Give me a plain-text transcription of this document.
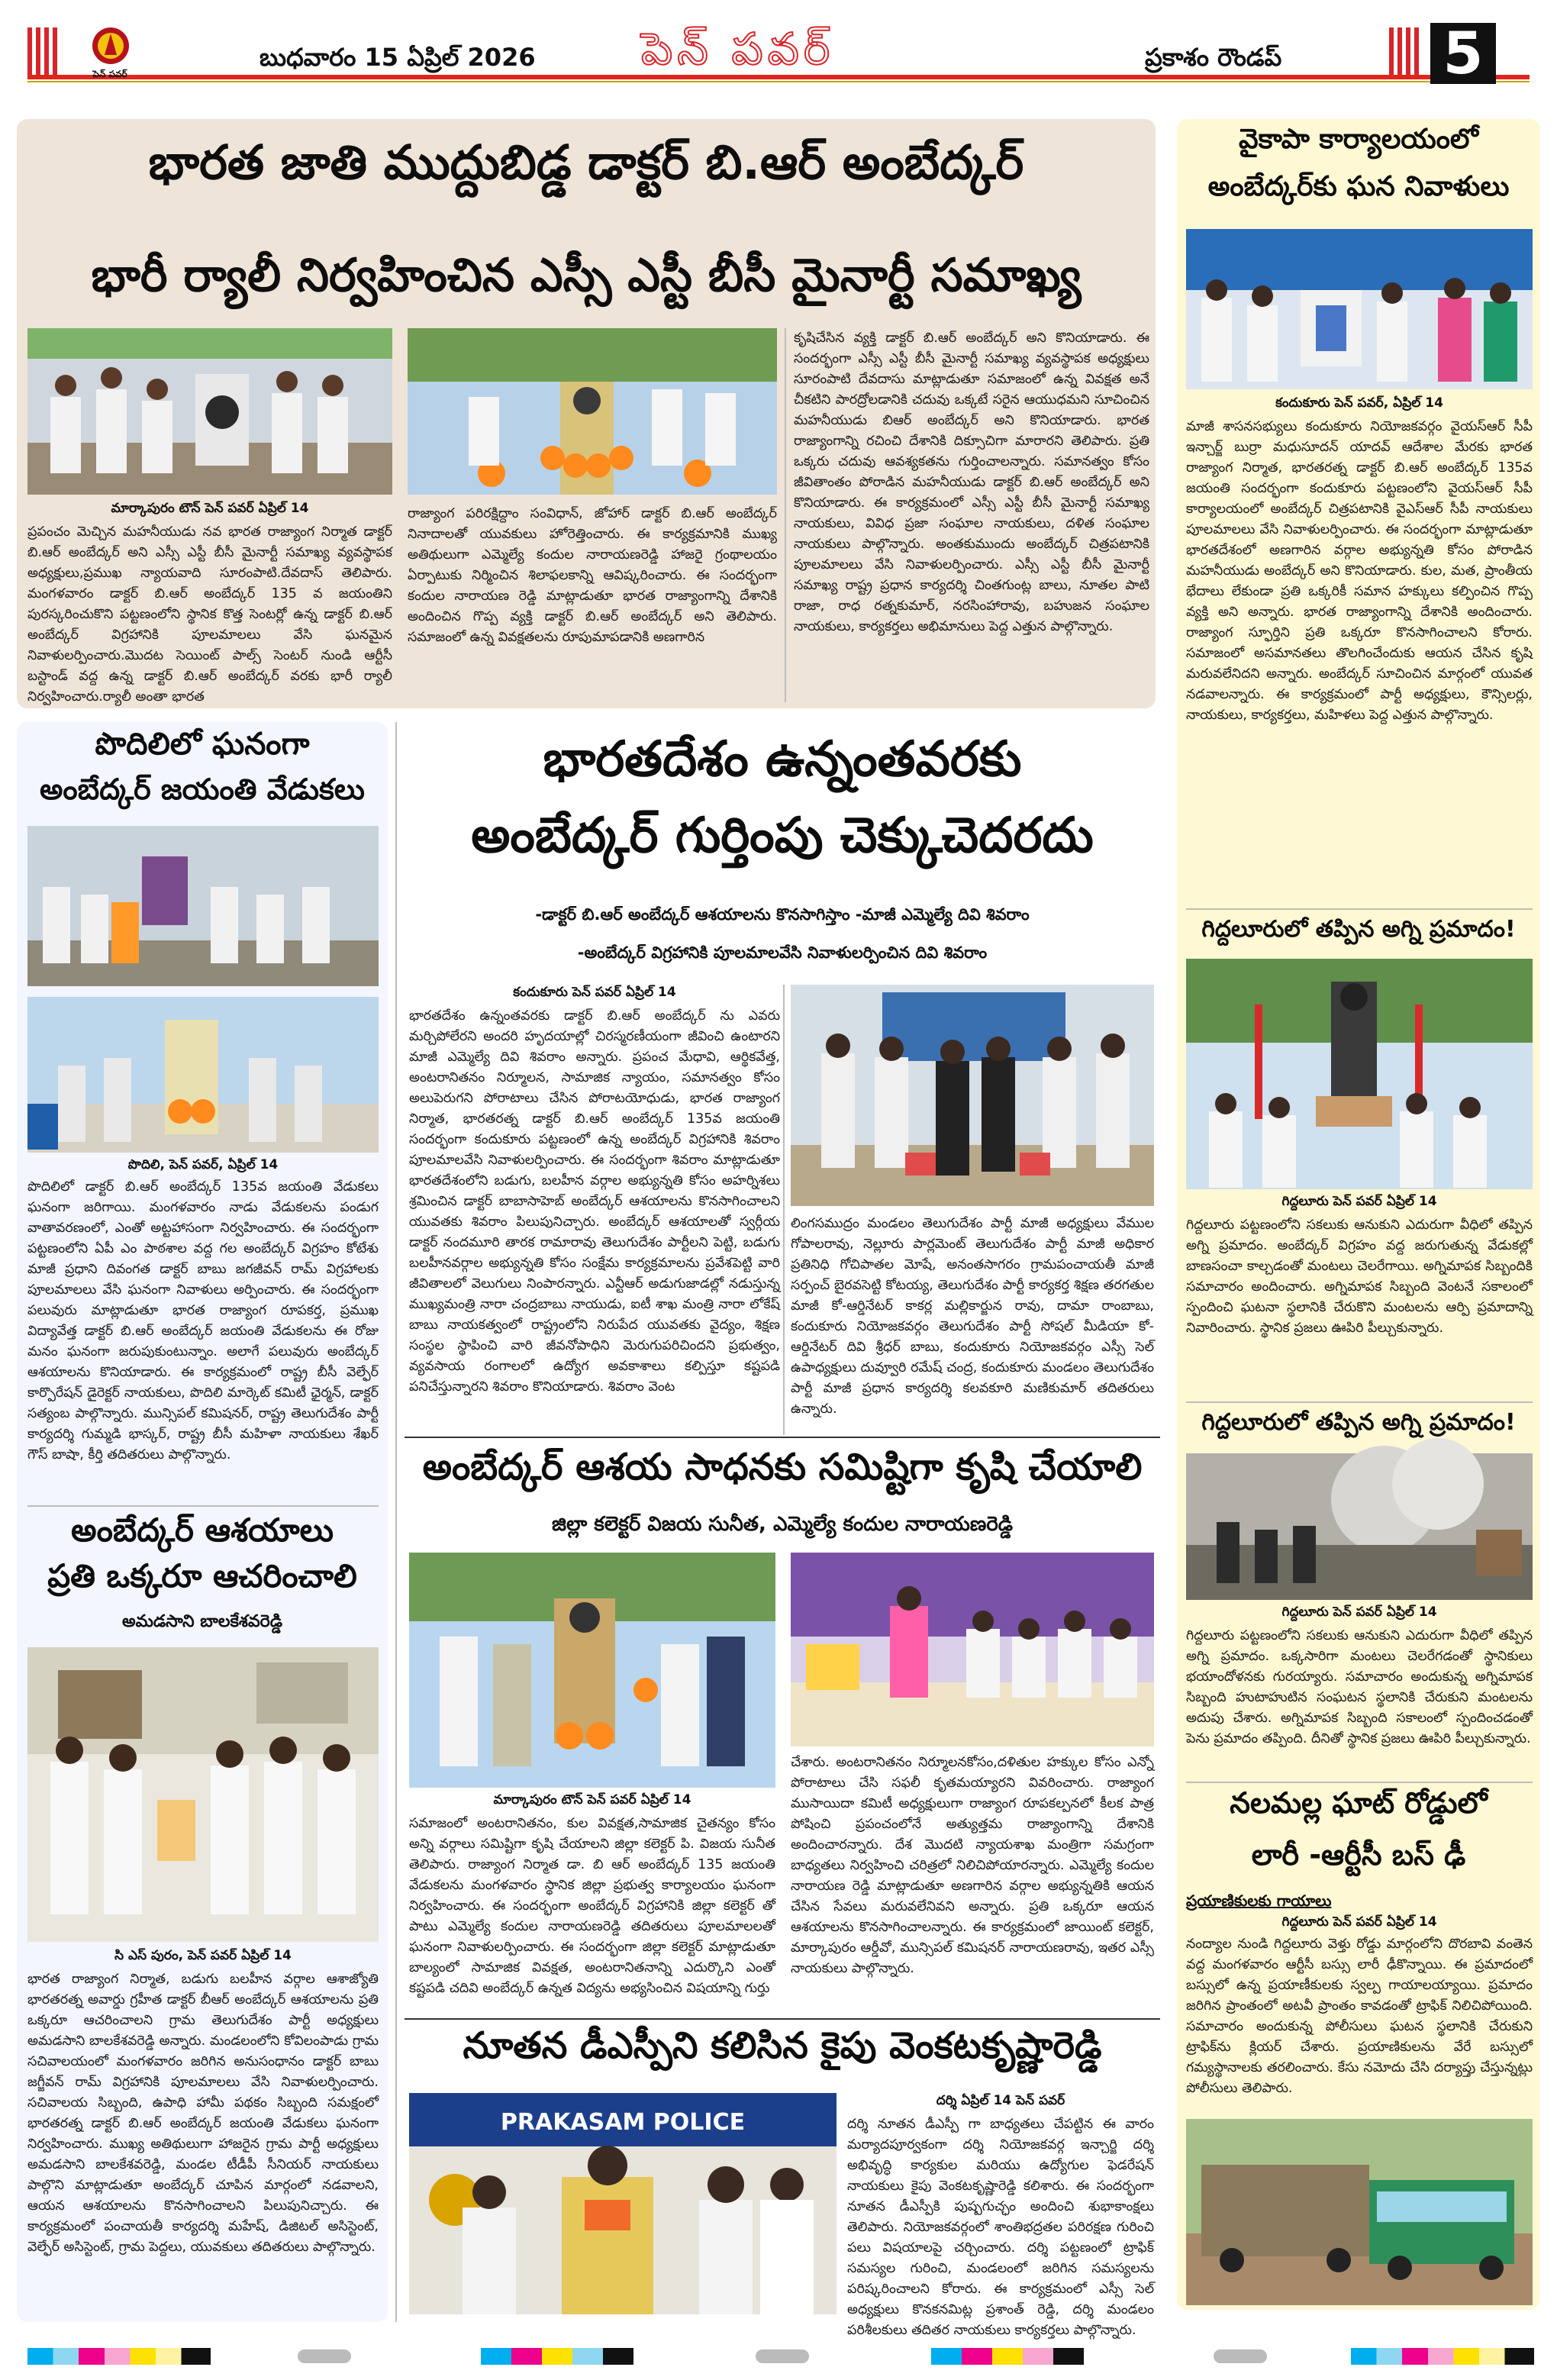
పెన్ పవర్
బుధవారం 15 ఏప్రిల్ 2026 పెన్ పవర్	ప్రకాశం రౌండప్	5
భారత జాతి ముద్దుబిడ్డ డాక్టర్ బి.ఆర్ అంబేద్కర్
భారీ ర్యాలీ నిర్వహించిన ఎస్సీ ఎస్టీ బీసీ మైనార్టీ సమాఖ్య
మార్కాపురం టౌన్ పెన్ పవర్ ఏప్రిల్ 14
ప్రపంచం మెచ్చిన మహనీయుడు నవ భారత రాజ్యాంగ నిర్మాత డాక్టర్ బి.ఆర్ అంబేద్కర్ అని ఎస్సీ ఎస్టీ బీసీ మైనార్టీ సమాఖ్య వ్యవస్థాపక అధ్యక్షులు,ప్రముఖ న్యాయవాది సూరంపాటి.దేవదాస్ తెలిపారు. మంగళవారం డాక్టర్ బి.ఆర్ అంబేద్కర్ 135 వ జయంతిని పురస్కరించుకొని పట్టణంలోని స్థానిక కొత్త సెంటర్లో ఉన్న డాక్టర్ బి.ఆర్ అంబేద్కర్ విగ్రహానికి పూలమాలలు వేసి ఘనమైన నివాళులర్పించారు.మొదట సెయింట్ పాల్స్ సెంటర్ నుండి ఆర్టీసీ బస్టాండ్ వద్ద ఉన్న డాక్టర్ బి.ఆర్ అంబేద్కర్ వరకు భారీ ర్యాలీ నిర్వహించారు.ర్యాలీ అంతా భారత
రాజ్యాంగ పరిరక్షిద్దాం సంవిధాన్, జోహార్ డాక్టర్ బి.ఆర్ అంబేద్కర్ నినాదాలతో యువకులు హోరెత్తించారు. ఈ కార్యక్రమానికి ముఖ్య అతిథులుగా ఎమ్మెల్యే కందుల నారాయణరెడ్డి హాజరై గ్రంథాలయం ఏర్పాటుకు నిర్మించిన శిలాఫలకాన్ని ఆవిష్కరించారు. ఈ సందర్భంగా కందుల నారాయణ రెడ్డి మాట్లాడుతూ భారత రాజ్యాంగాన్ని దేశానికి అందించిన గొప్ప వ్యక్తి డాక్టర్ బి.ఆర్ అంబేద్కర్ అని తెలిపారు. సమాజంలో ఉన్న వివక్షతలను రూపుమాపడానికి అణగారిన
కృషిచేసిన వ్యక్తి డాక్టర్ బి.ఆర్ అంబేద్కర్ అని కొనియాడారు. ఈ సందర్భంగా ఎస్సీ ఎస్టీ బీసీ మైనార్టీ సమాఖ్య వ్యవస్థాపక అధ్యక్షులు సూరంపాటి దేవదాసు మాట్లాడుతూ సమాజంలో ఉన్న వివక్షత అనే చీకటిని పారద్రోలడానికి చదువు ఒక్కటే సరైన ఆయుధమని సూచించిన మహనీయుడు బిఆర్ అంబేద్కర్ అని కొనియాడారు. భారత రాజ్యాంగాన్ని రచించి దేశానికి దిక్సూచిగా మారారని తెలిపారు. ప్రతి ఒక్కరు చదువు ఆవశ్యకతను గుర్తించాలన్నారు. సమానత్వం కోసం జీవితాంతం పోరాడిన మహనీయుడు డాక్టర్ బి.ఆర్ అంబేద్కర్ అని కొనియాడారు. ఈ కార్యక్రమంలో ఎస్సీ ఎస్టీ బీసీ మైనార్టీ సమాఖ్య నాయకులు, వివిధ ప్రజా సంఘాల నాయకులు, దళిత సంఘాల నాయకులు పాల్గొన్నారు. అంతకుముందు అంబేద్కర్ చిత్రపటానికి పూలమాలలు వేసి నివాళులర్పించారు. ఎస్సీ ఎస్టీ బీసీ మైనార్టీ సమాఖ్య రాష్ట్ర ప్రధాన కార్యదర్శి చింతగుంట్ల బాలు, నూతల పాటి రాజా, రాధ రత్నకుమార్, నరసింహారావు, బహుజన సంఘాల నాయకులు, కార్యకర్తలు అభిమానులు పెద్ద ఎత్తున పాల్గొన్నారు.
పొదిలిలో ఘనంగా
అంబేద్కర్ జయంతి వేడుకలు
పొదిలి, పెన్ పవర్, ఏప్రిల్ 14
పొదిలిలో డాక్టర్ బి.ఆర్ అంబేద్కర్ 135వ జయంతి వేడుకలు ఘనంగా జరిగాయి. మంగళవారం నాడు వేడుకలను పండుగ వాతావరణంలో, ఎంతో అట్టహాసంగా నిర్వహించారు. ఈ సందర్భంగా పట్టణంలోని ఏపీ ఎం పాఠశాల వద్ద గల అంబేద్కర్ విగ్రహం కోటేశు మాజీ ప్రధాని దివంగత డాక్టర్ బాబు జగజీవన్ రామ్ విగ్రహాలకు పూలమాలలు వేసి ఘనంగా నివాళులు అర్పించారు. ఈ సందర్భంగా పలువురు మాట్లాడుతూ భారత రాజ్యాంగ రూపకర్త, ప్రముఖ విద్యావేత్త డాక్టర్ బి.ఆర్ అంబేద్కర్ జయంతి వేడుకలను ఈ రోజు మనం ఘనంగా జరుపుకుంటున్నాం. అలాగే పలువురు అంబేద్కర్ ఆశయాలను కొనియాడారు. ఈ కార్యక్రమంలో రాష్ట్ర బీసీ వెల్ఫేర్ కార్పొరేషన్ డైరెక్టర్ నాయకులు, పొదిలి మార్కెట్ కమిటీ ఛైర్మన్, డాక్టర్ సత్యంబ పాల్గొన్నారు. మున్సిపల్ కమిషనర్, రాష్ట్ర తెలుగుదేశం పార్టీ కార్యదర్శి గుమ్మడి భాస్కర్, రాష్ట్ర బీసీ మహిళా నాయకులు శేఖర్ గౌస్ బాషా, కీర్తి తదితరులు పాల్గొన్నారు.
అంబేద్కర్ ఆశయాలు
ప్రతి ఒక్కరూ ఆచరించాలి
అమడసాని బాలకేశవరెడ్డి
సి ఎస్ పురం, పెన్ పవర్ ఏప్రిల్ 14
భారత రాజ్యాంగ నిర్మాత, బడుగు బలహీన వర్గాల ఆశాజ్యోతి భారతరత్న అవార్డు గ్రహీత డాక్టర్ బీఆర్ అంబేద్కర్ ఆశయాలను ప్రతి ఒక్కరూ ఆచరించాలని గ్రామ తెలుగుదేశం పార్టీ అధ్యక్షులు అమడసాని బాలకేశవరెడ్డి అన్నారు. మండలంలోని కోవిలంపాడు గ్రామ సచివాలయంలో మంగళవారం జరిగిన అనుసంధానం డాక్టర్ బాబు జగ్జీవన్ రామ్ విగ్రహానికి పూలమాలలు వేసి నివాళులర్పించారు. సచివాలయ సిబ్బంది, ఉపాధి హామీ పథకం సిబ్బంది సమక్షంలో భారతరత్న డాక్టర్ బి.ఆర్ అంబేద్కర్ జయంతి వేడుకలు ఘనంగా నిర్వహించారు. ముఖ్య అతిథులుగా హాజరైన గ్రామ పార్టీ అధ్యక్షులు అమడసాని బాలకేశవరెడ్డి, మండల టీడీపీ సీనియర్ నాయకులు పాల్గొని మాట్లాడుతూ అంబేద్కర్ చూపిన మార్గంలో నడవాలని, ఆయన ఆశయాలను కొనసాగించాలని పిలుపునిచ్చారు. ఈ కార్యక్రమంలో పంచాయతీ కార్యదర్శి మహేష్, డిజిటల్ అసిస్టెంట్, వెల్ఫేర్ అసిస్టెంట్, గ్రామ పెద్దలు, యువకులు తదితరులు పాల్గొన్నారు.
భారతదేశం ఉన్నంతవరకు
అంబేద్కర్ గుర్తింపు చెక్కుచెదరదు
-డాక్టర్ బి.ఆర్ అంబేద్కర్ ఆశయాలను కొనసాగిస్తాం -మాజీ ఎమ్మెల్యే దివి శివరాం
-అంబేద్కర్ విగ్రహానికి పూలమాలవేసి నివాళులర్పించిన దివి శివరాం
కందుకూరు పెన్ పవర్ ఏప్రిల్ 14
భారతదేశం ఉన్నంతవరకు డాక్టర్ బి.ఆర్ అంబేద్కర్ ను ఎవరు మర్చిపోలేరని అందరి హృదయాల్లో చిరస్మరణీయంగా జీవించి ఉంటారని మాజీ ఎమ్మెల్యే దివి శివరాం అన్నారు. ప్రపంచ మేధావి, ఆర్థికవేత్త, అంటరానితనం నిర్మూలన, సామాజిక న్యాయం, సమానత్వం కోసం అలుపెరుగని పోరాటాలు చేసిన పోరాటయోధుడు, భారత రాజ్యాంగ నిర్మాత, భారతరత్న డాక్టర్ బి.ఆర్ అంబేద్కర్ 135వ జయంతి సందర్భంగా కందుకూరు పట్టణంలో ఉన్న అంబేద్కర్ విగ్రహానికి శివరాం పూలమాలవేసి నివాళులర్పించారు. ఈ సందర్భంగా శివరాం మాట్లాడుతూ భారతదేశంలోని బడుగు, బలహీన వర్గాల అభ్యున్నతి కోసం అహర్నిశలు శ్రమించిన డాక్టర్ బాబాసాహెబ్ అంబేద్కర్ ఆశయాలను కొనసాగించాలని యువతకు శివరాం పిలుపునిచ్చారు. అంబేద్కర్ ఆశయాలతో స్వర్గీయ డాక్టర్ నందమూరి తారక రామారావు తెలుగుదేశం పార్టీలని పెట్టి, బడుగు బలహీనవర్గాల అభ్యున్నతి కోసం సంక్షేమ కార్యక్రమాలను ప్రవేశపెట్టి వారి జీవితాలలో వెలుగులు నింపారన్నారు. ఎన్టీఆర్ అడుగుజాడల్లో నడుస్తున్న ముఖ్యమంత్రి నారా చంద్రబాబు నాయుడు, ఐటీ శాఖ మంత్రి నారా లోకేష్ బాబు నాయకత్వంలో రాష్ట్రంలోని నిరుపేద యువతకు వైద్యం, శిక్షణ సంస్థల స్థాపించి వారి జీవనోపాధిని మెరుగుపరిచిందని ప్రభుత్వం, వ్యవసాయ రంగాలలో ఉద్యోగ అవకాశాలు కల్పిస్తూ కష్టపడి పనిచేస్తున్నారని శివరాం కొనియాడారు. శివరాం వెంట
లింగసముద్రం మండలం తెలుగుదేశం పార్టీ మాజీ అధ్యక్షులు వేముల గోపాలరావు, నెల్లూరు పార్లమెంట్ తెలుగుదేశం పార్టీ మాజీ అధికార ప్రతినిధి గోచిపాతల మోషే, అనంతసాగరం గ్రామపంచాయతీ మాజీ సర్పంచ్ బైరవసెట్టి కోటయ్య, తెలుగుదేశం పార్టీ కార్యకర్త శిక్షణ తరగతుల మాజీ కో-ఆర్డినేటర్ కాకర్ల మల్లికార్జున రావు, దామా రాంబాబు, కందుకూరు నియోజకవర్గం తెలుగుదేశం పార్టీ సోషల్ మీడియా కో-ఆర్డినేటర్ దివి శ్రీధర్ బాబు, కందుకూరు నియోజకవర్గం ఎస్సీ సెల్ ఉపాధ్యక్షులు దువ్వూరి రమేష్ చంద్ర, కందుకూరు మండలం తెలుగుదేశం పార్టీ మాజీ ప్రధాన కార్యదర్శి కలవకూరి మణికుమార్ తదితరులు ఉన్నారు.
అంబేద్కర్ ఆశయ సాధనకు సమిష్టిగా కృషి చేయాలి
జిల్లా కలెక్టర్ విజయ సునీత, ఎమ్మెల్యే కందుల నారాయణరెడ్డి
మార్కాపురం టౌన్ పెన్ పవర్ ఏప్రిల్ 14
సమాజంలో అంటరానితనం, కుల వివక్షత,సామాజిక చైతన్యం కోసం అన్ని వర్గాలు సమిష్టిగా కృషి చేయాలని జిల్లా కలెక్టర్ పి. విజయ సునీత తెలిపారు. రాజ్యాంగ నిర్మాత డా. బి ఆర్ అంబేద్కర్ 135 జయంతి వేడుకలను మంగళవారం స్థానిక జిల్లా ప్రభుత్వ కార్యాలయం ఘనంగా నిర్వహించారు. ఈ సందర్భంగా అంబేద్కర్ విగ్రహానికి జిల్లా కలెక్టర్ తో పాటు ఎమ్మెల్యే కందుల నారాయణరెడ్డి తదితరులు పూలమాలలతో ఘనంగా నివాళులర్పించారు. ఈ సందర్భంగా జిల్లా కలెక్టర్ మాట్లాడుతూ బాల్యంలో సామాజిక వివక్షత, అంటరానితనాన్ని ఎదుర్కొని ఎంతో కష్టపడి చదివి అంబేద్కర్ ఉన్నత విద్యను అభ్యసించిన విషయాన్ని గుర్తు
చేశారు. అంటరానితనం నిర్మూలనకోసం,దళితుల హక్కుల కోసం ఎన్నో పోరాటాలు చేసి సఫలీ కృతమయ్యారని వివరించారు. రాజ్యాంగ ముసాయిదా కమిటీ అధ్యక్షులుగా రాజ్యాంగ రూపకల్పనలో కీలక పాత్ర పోషించి ప్రపంచంలోనే అత్యుత్తమ రాజ్యాంగాన్ని దేశానికి అందించారన్నారు. దేశ మొదటి న్యాయశాఖ మంత్రిగా సమగ్రంగా బాధ్యతలు నిర్వహించి చరిత్రలో నిలిచిపోయారన్నారు. ఎమ్మెల్యే కందుల నారాయణ రెడ్డి మాట్లాడుతూ అణగారిన వర్గాల అభ్యున్నతికి ఆయన చేసిన సేవలు మరువలేనివని అన్నారు. ప్రతి ఒక్కరూ ఆయన ఆశయాలను కొనసాగించాలన్నారు. ఈ కార్యక్రమంలో జాయింట్ కలెక్టర్, మార్కాపురం ఆర్డీవో, మున్సిపల్ కమిషనర్ నారాయణరావు, ఇతర ఎస్సీ నాయకులు పాల్గొన్నారు.
నూతన డీఎస్పీని కలిసిన కైపు వెంకటకృష్ణారెడ్డి
PRAKASAM POLICE
దర్శి ఏప్రిల్ 14 పెన్ పవర్
దర్శి నూతన డీఎస్పీ గా బాధ్యతలు చేపట్టిన ఈ వారం మర్యాదపూర్వకంగా దర్శి నియోజకవర్గ ఇన్చార్జి దర్శి అభివృద్ధి కార్యకుల మరియు ఉద్యోగుల ఫెడరేషన్ నాయకులు కైపు వెంకటకృష్ణారెడ్డి కలిశారు. ఈ సందర్భంగా నూతన డీఎస్పీకి పుష్పగుచ్ఛం అందించి శుభాకాంక్షలు తెలిపారు. నియోజకవర్గంలో శాంతిభద్రతల పరిరక్షణ గురించి పలు విషయాలపై చర్చించారు. దర్శి పట్టణంలో ట్రాఫిక్ సమస్యల గురించి, మండలంలో జరిగిన సమస్యలను పరిష్కరించాలని కోరారు. ఈ కార్యక్రమంలో ఎస్సీ సెల్ అధ్యక్షులు కొనకనమిట్ల ప్రశాంత్ రెడ్డి, దర్శి మండలం పరిశీలకులు తదితర నాయకులు కార్యకర్తలు పాల్గొన్నారు.
వైకాపా కార్యాలయంలో
అంబేద్కర్‌కు ఘన నివాళులు
కందుకూరు పెన్ పవర్, ఏప్రిల్ 14
మాజీ శాసనసభ్యులు కందుకూరు నియోజకవర్గం వైయస్ఆర్ సీపీ ఇన్చార్జ్ బుర్రా మధుసూదన్ యాదవ్ ఆదేశాల మేరకు భారత రాజ్యాంగ నిర్మాత, భారతరత్న డాక్టర్ బి.ఆర్ అంబేద్కర్ 135వ జయంతి సందర్భంగా కందుకూరు పట్టణంలోని వైయస్ఆర్ సీపీ కార్యాలయంలో అంబేద్కర్ చిత్రపటానికి వైఎస్ఆర్ సీపీ నాయకులు పూలమాలలు వేసి నివాళులర్పించారు. ఈ సందర్భంగా మాట్లాడుతూ భారతదేశంలో అణగారిన వర్గాల అభ్యున్నతి కోసం పోరాడిన మహనీయుడు అంబేద్కర్ అని కొనియాడారు. కుల, మత, ప్రాంతీయ భేదాలు లేకుండా ప్రతి ఒక్కరికీ సమాన హక్కులు కల్పించిన గొప్ప వ్యక్తి అని అన్నారు. భారత రాజ్యాంగాన్ని దేశానికి అందించారు. రాజ్యాంగ స్ఫూర్తిని ప్రతి ఒక్కరూ కొనసాగించాలని కోరారు. సమాజంలో అసమానతలు తొలగించేందుకు ఆయన చేసిన కృషి మరువలేనిదని అన్నారు. అంబేద్కర్ సూచించిన మార్గంలో యువత నడవాలన్నారు. ఈ కార్యక్రమంలో పార్టీ అధ్యక్షులు, కౌన్సిలర్లు, నాయకులు, కార్యకర్తలు, మహిళలు పెద్ద ఎత్తున పాల్గొన్నారు.
గిద్దలూరులో తప్పిన అగ్ని ప్రమాదం!
గిద్దలూరు పెన్ పవర్ ఏప్రిల్ 14
గిద్దలూరు పట్టణంలోని సకలుకు ఆనుకుని ఎదురుగా వీధిలో తప్పిన అగ్ని ప్రమాదం. అంబేద్కర్ విగ్రహం వద్ద జరుగుతున్న వేడుకల్లో బాణసంచా కాల్చడంతో మంటలు చెలరేగాయి. అగ్నిమాపక సిబ్బందికి సమాచారం అందించారు. అగ్నిమాపక సిబ్బంది వెంటనే సకాలంలో స్పందించి ఘటనా స్థలానికి చేరుకొని మంటలను ఆర్పి ప్రమాదాన్ని నివారించారు. స్థానిక ప్రజలు ఊపిరి పీల్చుకున్నారు.
గిద్దలూరులో తప్పిన అగ్ని ప్రమాదం!
గిద్దలూరు పెన్ పవర్ ఏప్రిల్ 14
గిద్దలూరు పట్టణంలోని సకలుకు ఆనుకుని ఎదురుగా వీధిలో తప్పిన అగ్ని ప్రమాదం. ఒక్కసారిగా మంటలు చెలరేగడంతో స్థానికులు భయాందోళనకు గురయ్యారు. సమాచారం అందుకున్న అగ్నిమాపక సిబ్బంది హుటాహుటిన సంఘటన స్థలానికి చేరుకుని మంటలను అదుపు చేశారు. అగ్నిమాపక సిబ్బంది సకాలంలో స్పందించడంతో పెను ప్రమాదం తప్పింది. దీనితో స్థానిక ప్రజలు ఊపిరి పీల్చుకున్నారు.
నలమల్ల ఘాట్ రోడ్డులో
లారీ -ఆర్టీసీ బస్ ఢీ
ప్రయాణికులకు గాయాలు
గిద్దలూరు పెన్ పవర్ ఏప్రిల్ 14
నంద్యాల నుండి గిద్దలూరు వెళ్తు రోడ్డు మార్గంలోని దొరబావి వంతెన వద్ద మంగళవారం ఆర్టీసీ బస్సు లారీ ఢీకొన్నాయి. ఈ ప్రమాదంలో బస్సులో ఉన్న ప్రయాణీకులకు స్వల్ప గాయాలయ్యాయి. ప్రమాదం జరిగిన ప్రాంతంలో అటవీ ప్రాంతం కావడంతో ట్రాఫిక్ నిలిచిపోయింది. సమాచారం అందుకున్న పోలీసులు ఘటన స్థలానికి చేరుకుని ట్రాఫిక్‌ను క్లియర్ చేశారు. ప్రయాణికులను వేరే బస్సులో గమ్యస్థానాలకు తరలించారు. కేసు నమోదు చేసి దర్యాప్తు చేస్తున్నట్లు పోలీసులు తెలిపారు.
